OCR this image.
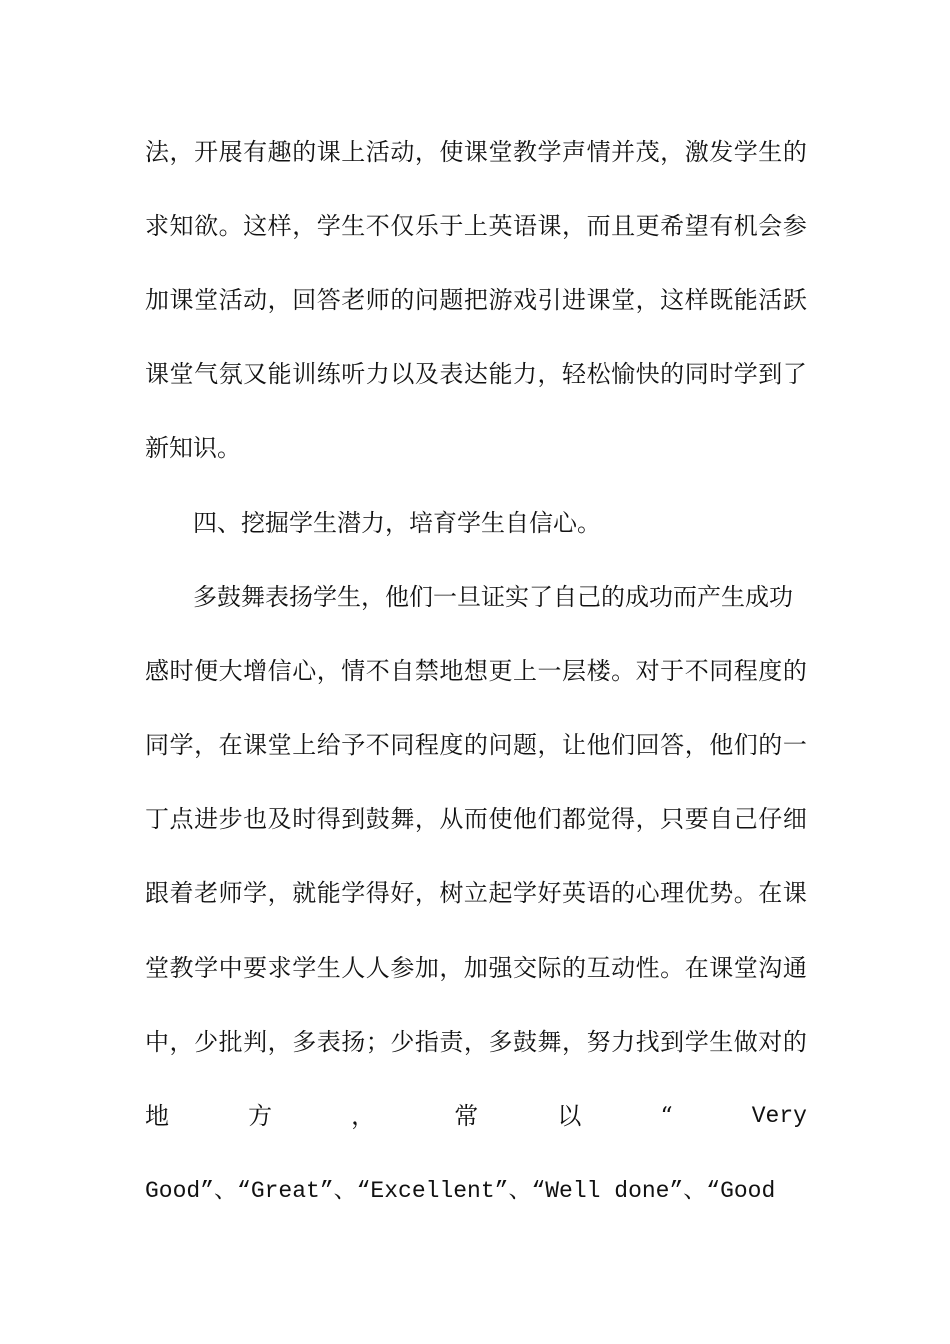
法 ， 开 展 有 趣 的 课 上 活 动 ， 使 课 堂 教 学 声 情 并 茂 ， 激 发 学 生 的
求 知 欲 。 这 样 ， 学 生 不 仅 乐 于 上 英 语 课 ， 而 且 更 希 望 有 机 会 参
加 课 堂 活 动 ， 回 答 老 师 的 问 题 把 游 戏 引 进 课 堂 ， 这 样 既 能 活 跃
课 堂 气 氛 又 能 训 练 听 力 以 及 表 达 能 力 ， 轻 松 愉 快 的 同 时 学 到 了
新知识。
四、挖掘学生潜力，培育学生自信心。
多鼓舞表扬学生，他们一旦证实了自己的成功而产生成功
感 时 便 大 增 信 心 ， 情 不 自 禁 地 想 更 上 一 层 楼 。 对 于 不 同 程 度 的
同 学 ， 在 课 堂 上 给 予 不 同 程 度 的 问 题 ， 让 他 们 回 答 ， 他 们 的 一
丁 点 进 步 也 及 时 得 到 鼓 舞 ， 从 而 使 他 们 都 觉 得 ， 只 要 自 己 仔 细
跟 着 老 师 学 ， 就 能 学 得 好 ， 树 立 起 学 好 英 语 的 心 理 优 势 。 在 课
堂 教 学 中 要 求 学 生 人 人 参 加 ， 加 强 交 际 的 互 动 性 。 在 课 堂 沟 通
中 ， 少 批 判 ， 多 表 扬 ； 少 指 责 ， 多 鼓 舞 ， 努 力 找 到 学 生 做 对 的
地	方	，	常	以	“	Very
Good”、“Great”、“Excellent”、“Well done”、“Good
